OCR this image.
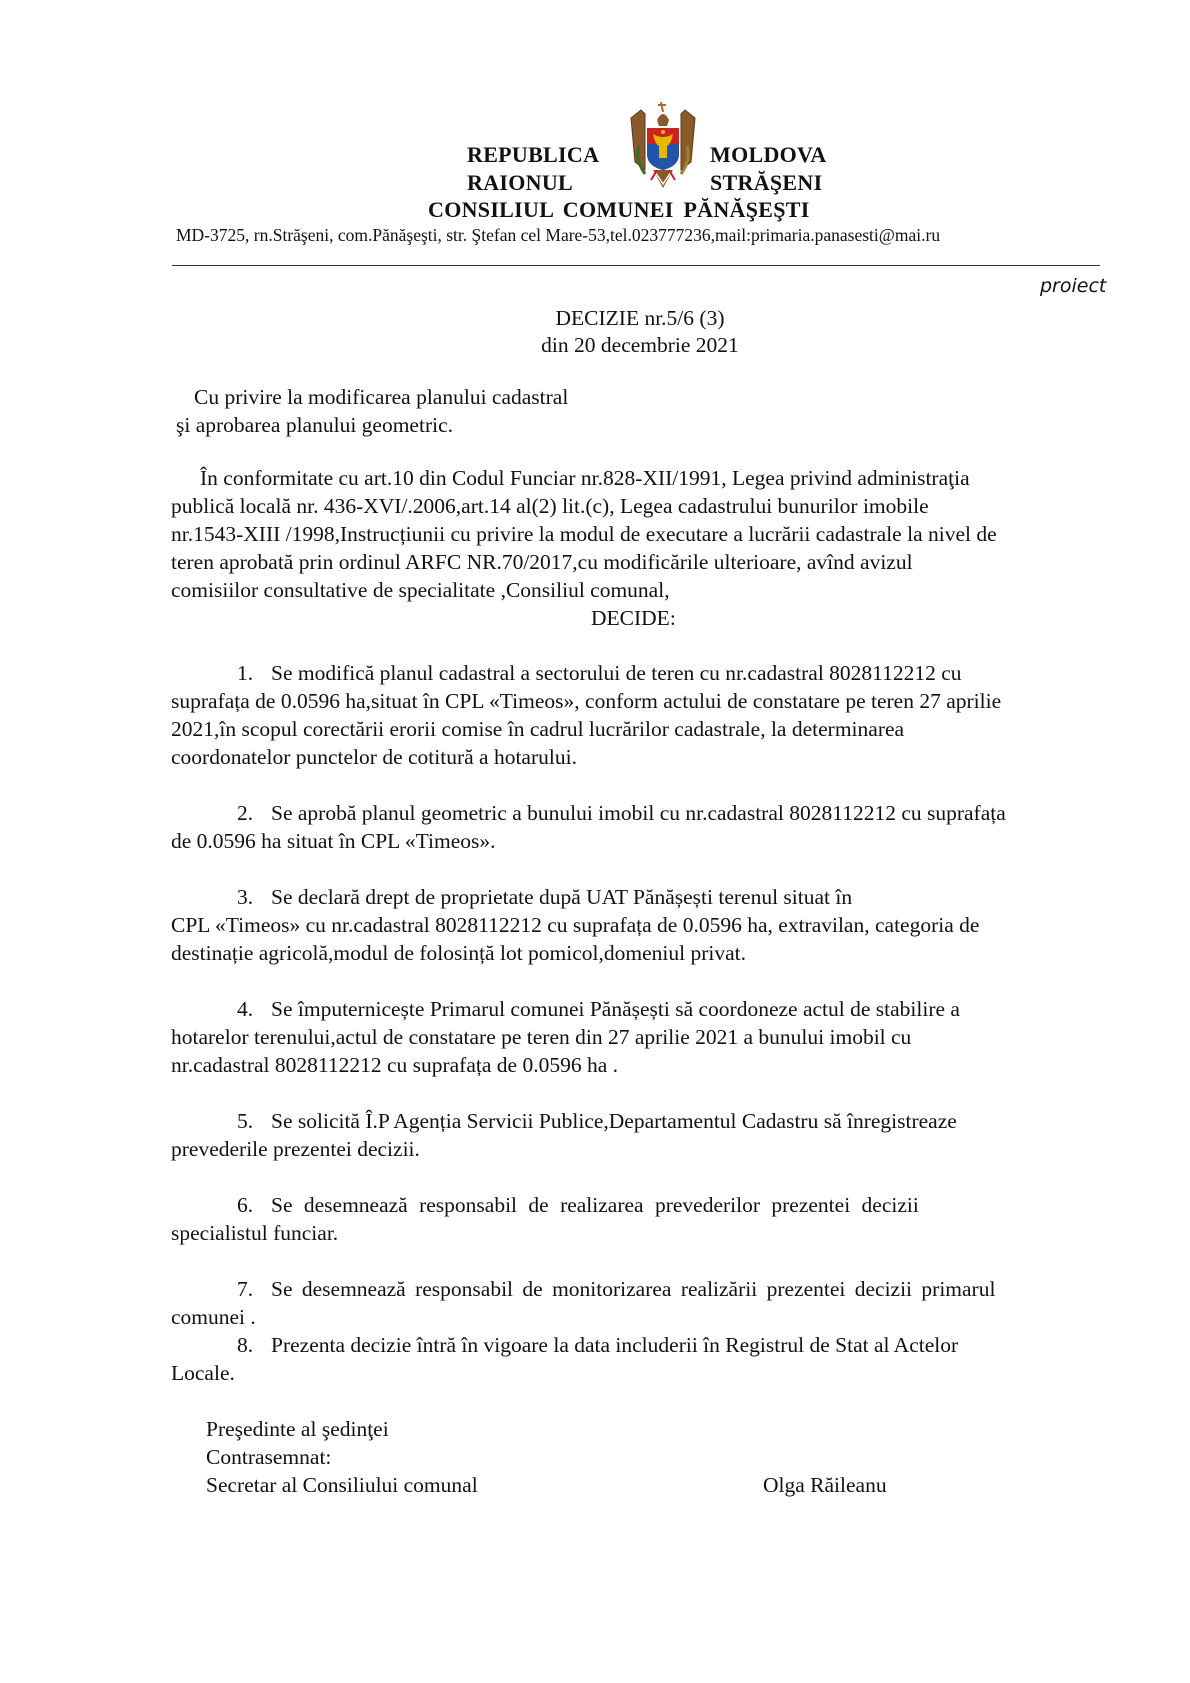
REPUBLICA	MOLDOVA
RAIONUL	STRĂŞENI
CONSILIUL COMUNEI PĂNĂŞEŞTI
MD-3725, rn.Străşeni, com.Pănăşeşti, str. Ştefan cel Mare-53,tel.023777236,mail:primaria.panasesti@mai.ru
proiect
DECIZIE nr.5/6 (3)
din 20 decembrie 2021
Cu privire la modificarea planului cadastral
şi aprobarea planului geometric.
În conformitate cu art.10 din Codul Funciar nr.828-XII/1991, Legea privind administraţia
publică locală nr. 436-XVI/.2006,art.14 al(2) lit.(c), Legea cadastrului bunurilor imobile
nr.1543-XIII /1998,Instrucțiunii cu privire la modul de executare a lucrării cadastrale la nivel de
teren aprobată prin ordinul ARFC NR.70/2017,cu modificările ulterioare, avînd avizul
comisiilor consultative de specialitate ,Consiliul comunal,
DECIDE:
1. Se modifică planul cadastral a sectorului de teren cu nr.cadastral 8028112212 cu
suprafața de 0.0596 ha,situat în CPL «Timeos», conform actului de constatare pe teren 27 aprilie
2021,în scopul corectării erorii comise în cadrul lucrărilor cadastrale, la determinarea
coordonatelor punctelor de cotitură a hotarului.
2. Se aprobă planul geometric a bunului imobil cu nr.cadastral 8028112212 cu suprafața
de 0.0596 ha situat în CPL «Timeos».
3. Se declară drept de proprietate după UAT Pănășești terenul situat în
CPL «Timeos» cu nr.cadastral 8028112212 cu suprafața de 0.0596 ha, extravilan, categoria de
destinație agricolă,modul de folosință lot pomicol,domeniul privat.
4. Se împuternicește Primarul comunei Pănășești să coordoneze actul de stabilire a
hotarelor terenului,actul de constatare pe teren din 27 aprilie 2021 a bunului imobil cu
nr.cadastral 8028112212 cu suprafața de 0.0596 ha .
5. Se solicită Î.P Agenția Servicii Publice,Departamentul Cadastru să înregistreaze
prevederile prezentei decizii.
6. Se desemnează responsabil de realizarea prevederilor prezentei decizii
specialistul funciar.
7. Se desemnează responsabil de monitorizarea realizării prezentei decizii primarul
comunei .
8. Prezenta decizie întră în vigoare la data includerii în Registrul de Stat al Actelor
Locale.
Preşedinte al şedinţei
Contrasemnat:
Secretar al Consiliului comunal	Olga Răileanu
